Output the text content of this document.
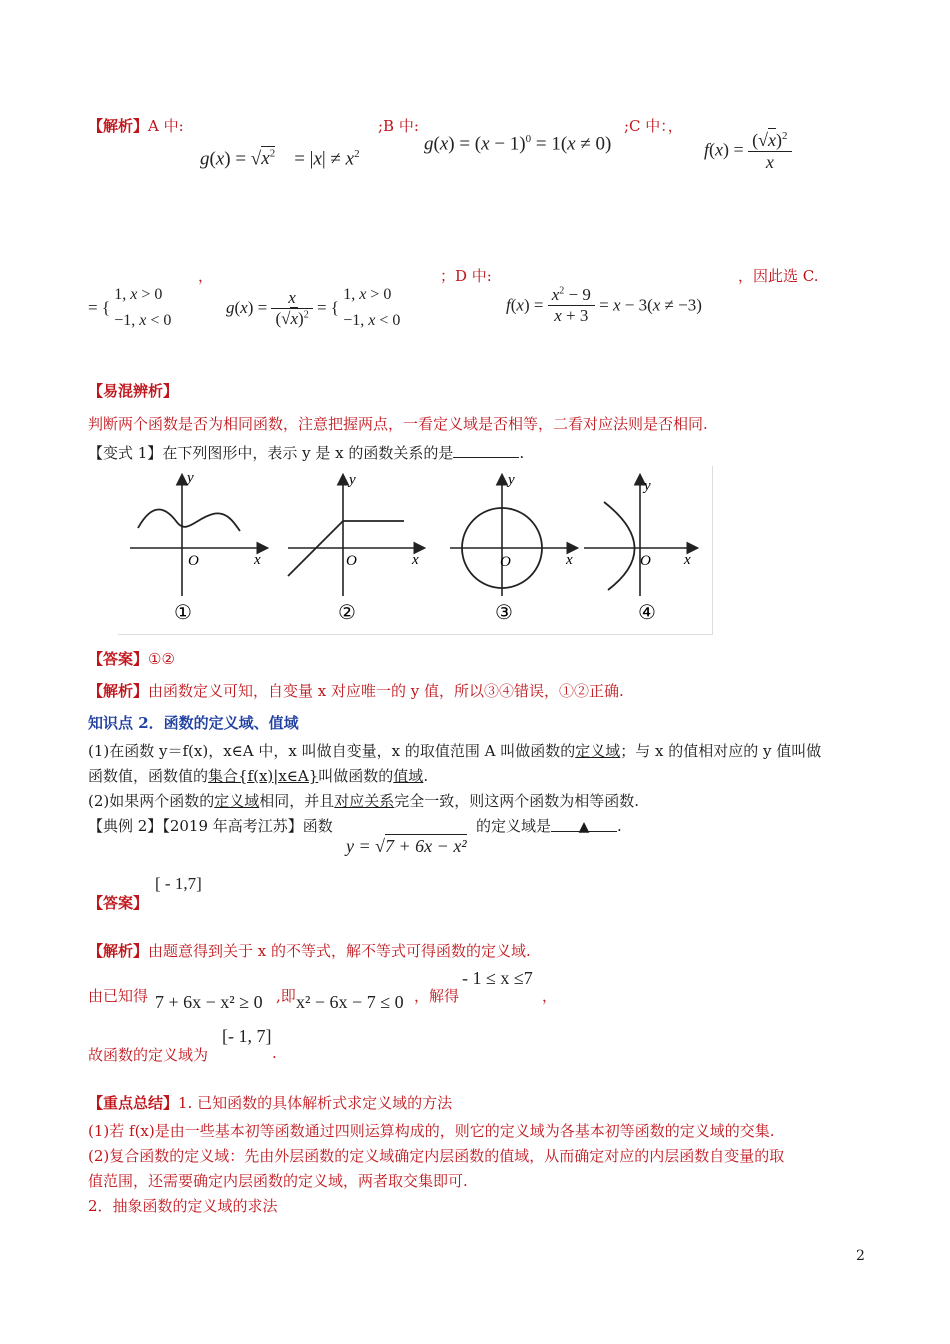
【解析】A 中:	;B 中:	;C 中：，
$g(x) = √x^2$    = $|x| \ne x^2$	$g(x) = (x - 1)^0 = 1(x \ne 0)$	$f(x) = \frac{(√x)^2}{x}$
，	；D 中:	，因此选 C.
= {
1, x > 0
−1, x < 0
$g(x) = \frac{x}{(√x)^2}$ = {
1, x > 0
−1, x < 0
$f(x) = \frac{x^2 - 9}{x + 3} = x - 3(x \ne -3)$
【易混辨析】
判断两个函数是否为相同函数，注意把握两点，一看定义域是否相等，二看对应法则是否相同.
【变式 1】在下列图形中，表示 y 是 x 的函数关系的是	.
y
x
O
①
y
x
O
②
y
x
O
③
y
x
O
④
【答案】①②
【解析】由函数定义可知，自变量 x 对应唯一的 y 值，所以③④错误，①②正确.
知识点 2．函数的定义域、值域
(1)在函数 y＝f(x)，x∈A 中，x 叫做自变量，x 的取值范围 A 叫做函数的定义域；与 x 的值相对应的 y 值叫做
函数值，函数值的集合{f(x)|x∈A}叫做函数的值域.
(2)如果两个函数的定义域相同，并且对应关系完全一致，则这两个函数为相等函数.
【典例 2】【2019 年高考江苏】函数	的定义域是 ▲ .
y = √7 + 6x − x²
【答案】
[ - 1,7]
【解析】由题意得到关于 x 的不等式，解不等式可得函数的定义域.
由已知得 7 + 6x − x² ≥ 0 ,即 x² − 6x − 7 ≤ 0 ，解得
- 1 ≤ x ≤7
，
故函数的定义域为
[- 1, 7]
.
【重点总结】1. 已知函数的具体解析式求定义域的方法
(1)若 f(x)是由一些基本初等函数通过四则运算构成的，则它的定义域为各基本初等函数的定义域的交集.
(2)复合函数的定义域：先由外层函数的定义域确定内层函数的值域，从而确定对应的内层函数自变量的取
值范围，还需要确定内层函数的定义域，两者取交集即可.
2．抽象函数的定义域的求法
2
